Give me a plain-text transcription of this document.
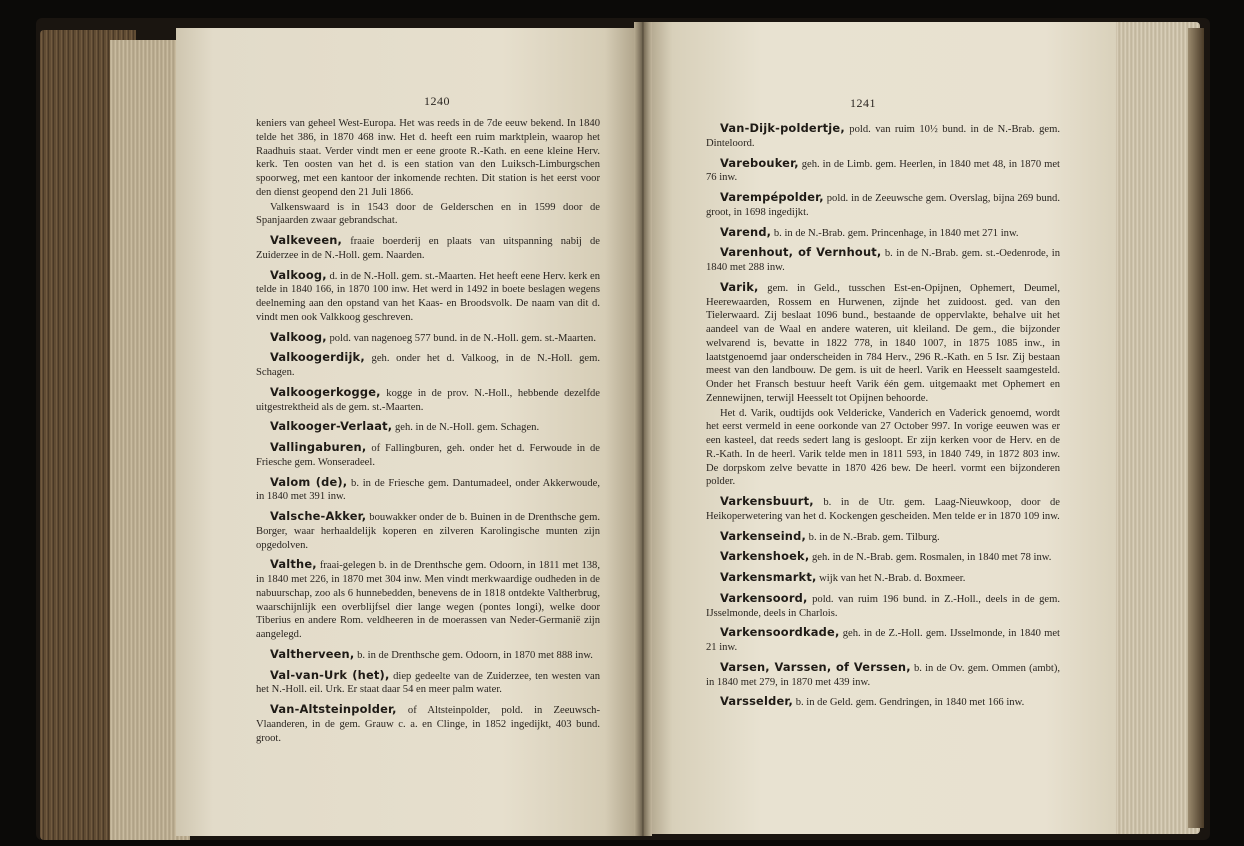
1240	1241

keniers van geheel West-Europa. Het was reeds in de 7de eeuw bekend. In 1840 telde het 386, in 1870 468 inw. Het d. heeft een ruim marktplein, waarop het Raadhuis staat. Verder vindt men er eene groote R.-Kath. en eene kleine Herv. kerk. Ten oosten van het d. is een station van den Luiksch-Limburgschen spoorweg, met een kantoor der inkomende rechten. Dit station is het eerst voor den dienst geopend den 21 Juli 1866.

Valkenswaard is in 1543 door de Gelderschen en in 1599 door de Spanjaarden zwaar gebrandschat.

Valkeveen, fraaie boerderij en plaats van uitspanning nabij de Zuiderzee in de N.-Holl. gem. Naarden.

Valkoog, d. in de N.-Holl. gem. st.-Maarten. Het heeft eene Herv. kerk en telde in 1840 166, in 1870 100 inw. Het werd in 1492 in boete beslagen wegens deelneming aan den opstand van het Kaas- en Broodsvolk. De naam van dit d. vindt men ook Valkkoog geschreven.

Valkoog, pold. van nagenoeg 577 bund. in de N.-Holl. gem. st.-Maarten.

Valkoogerdijk, geh. onder het d. Valkoog, in de N.-Holl. gem. Schagen.

Valkoogerkogge, kogge in de prov. N.-Holl., hebbende dezelfde uitgestrektheid als de gem. st.-Maarten.

Valkooger-Verlaat, geh. in de N.-Holl. gem. Schagen.

Vallingaburen, of Fallingburen, geh. onder het d. Ferwoude in de Friesche gem. Wonseradeel.

Valom (de), b. in de Friesche gem. Dantumadeel, onder Akkerwoude, in 1840 met 391 inw.

Valsche-Akker, bouwakker onder de b. Buinen in de Drenthsche gem. Borger, waar herhaaldelijk koperen en zilveren Karolingische munten zijn opgedolven.

Valthe, fraai-gelegen b. in de Drenthsche gem. Odoorn, in 1811 met 138, in 1840 met 226, in 1870 met 304 inw. Men vindt merkwaardige oudheden in de nabuurschap, zoo als 6 hunnebedden, benevens de in 1818 ontdekte Valtherbrug, waarschijnlijk een overblijfsel dier lange wegen (pontes longi), welke door Tiberius en andere Rom. veldheeren in de moerassen van Neder-Germanië zijn aangelegd.

Valtherveen, b. in de Drenthsche gem. Odoorn, in 1870 met 888 inw.

Val-van-Urk (het), diep gedeelte van de Zuiderzee, ten westen van het N.-Holl. eil. Urk. Er staat daar 54 en meer palm water.

Van-Altsteinpolder, of Altsteinpolder, pold. in Zeeuwsch-Vlaanderen, in de gem. Grauw c. a. en Clinge, in 1852 ingedijkt, 403 bund. groot.

Van-Dijk-poldertje, pold. van ruim 10½ bund. in de N.-Brab. gem. Dinteloord.

Varebouker, geh. in de Limb. gem. Heerlen, in 1840 met 48, in 1870 met 76 inw.

Varempépolder, pold. in de Zeeuwsche gem. Overslag, bijna 269 bund. groot, in 1698 ingedijkt.

Varend, b. in de N.-Brab. gem. Princenhage, in 1840 met 271 inw.

Varenhout, of Vernhout, b. in de N.-Brab. gem. st.-Oedenrode, in 1840 met 288 inw.

Varik, gem. in Geld., tusschen Est-en-Opijnen, Ophemert, Deumel, Heerewaarden, Rossem en Hurwenen, zijnde het zuidoost. ged. van den Tielerwaard. Zij beslaat 1096 bund., bestaande de oppervlakte, behalve uit het aandeel van de Waal en andere wateren, uit kleiland. De gem., die bijzonder welvarend is, bevatte in 1822 778, in 1840 1007, in 1875 1085 inw., in laatstgenoemd jaar onderscheiden in 784 Herv., 296 R.-Kath. en 5 Isr. Zij bestaan meest van den landbouw. De gem. is uit de heerl. Varik en Heesselt saamgesteld. Onder het Fransch bestuur heeft Varik één gem. uitgemaakt met Ophemert en Zennewijnen, terwijl Heesselt tot Opijnen behoorde.

Het d. Varik, oudtijds ook Veldericke, Vanderich en Vaderick genoemd, wordt het eerst vermeld in eene oorkonde van 27 October 997. In vorige eeuwen was er een kasteel, dat reeds sedert lang is gesloopt. Er zijn kerken voor de Herv. en de R.-Kath. In de heerl. Varik telde men in 1811 593, in 1840 749, in 1872 803 inw. De dorpskom zelve bevatte in 1870 426 bew. De heerl. vormt een bijzonderen polder.

Varkensbuurt, b. in de Utr. gem. Laag-Nieuwkoop, door de Heikoperwetering van het d. Kockengen gescheiden. Men telde er in 1870 109 inw.

Varkenseind, b. in de N.-Brab. gem. Tilburg.

Varkenshoek, geh. in de N.-Brab. gem. Rosmalen, in 1840 met 78 inw.

Varkensmarkt, wijk van het N.-Brab. d. Boxmeer.

Varkensoord, pold. van ruim 196 bund. in Z.-Holl., deels in de gem. IJsselmonde, deels in Charlois.

Varkensoordkade, geh. in de Z.-Holl. gem. IJsselmonde, in 1840 met 21 inw.

Varsen, Varssen, of Verssen, b. in de Ov. gem. Ommen (ambt), in 1840 met 279, in 1870 met 439 inw.

Varsselder, b. in de Geld. gem. Gendringen, in 1840 met 166 inw.
